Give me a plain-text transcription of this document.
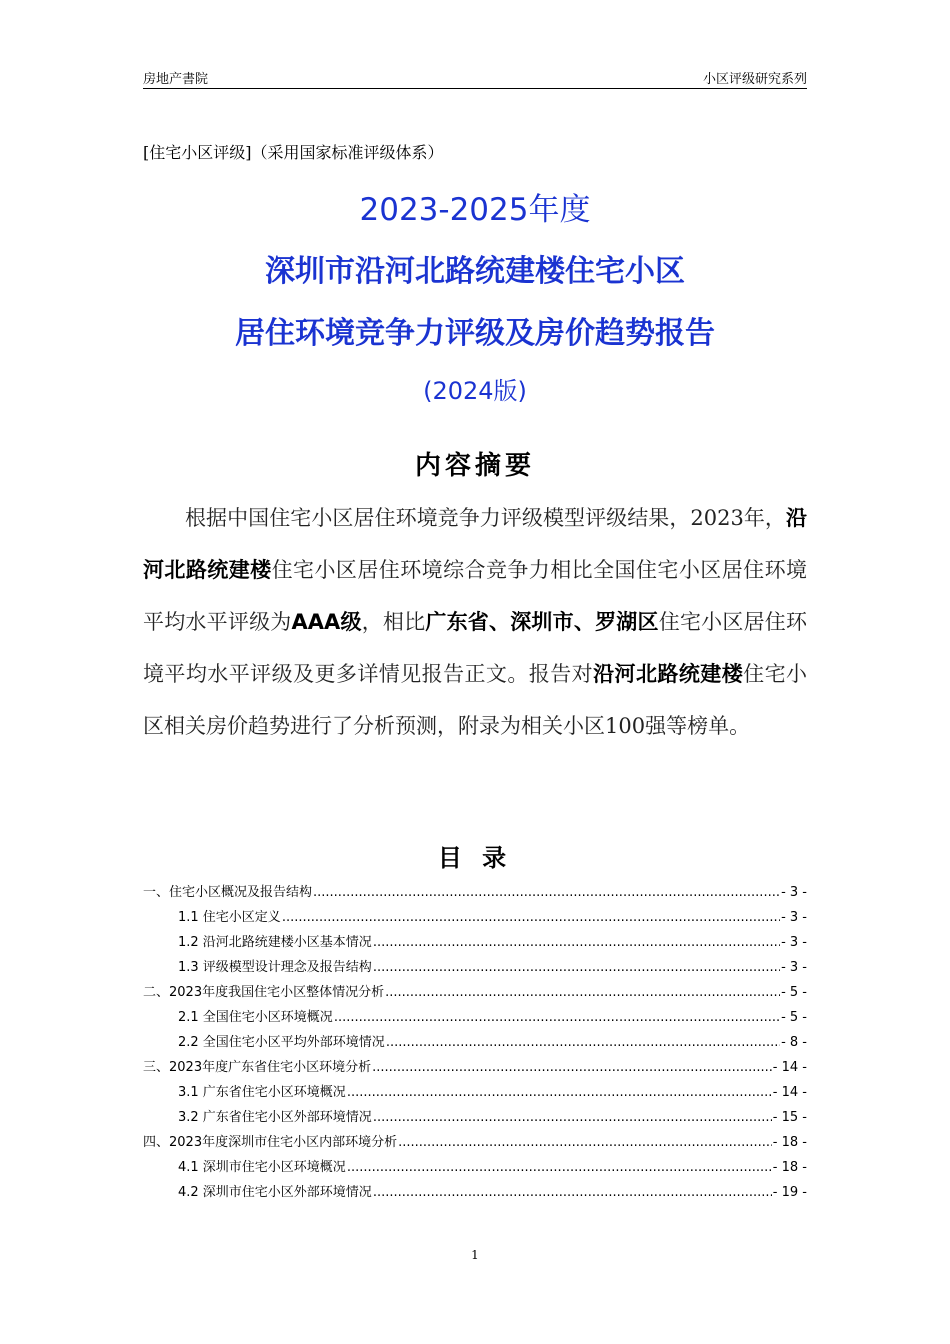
房地产書院	小区评级研究系列
[住宅小区评级]（采用国家标准评级体系）
2023-2025年度
深圳市沿河北路统建楼住宅小区
居住环境竞争力评级及房价趋势报告
(2024版)
内容摘要

根据中国住宅小区居住环境竞争力评级模型评级结果，2023年，沿河北路统建楼住宅小区居住环境综合竞争力相比全国住宅小区居住环境平均水平评级为AAA级，相比广东省、深圳市、罗湖区住宅小区居住环境平均水平评级及更多详情见报告正文。报告对沿河北路统建楼住宅小区相关房价趋势进行了分析预测，附录为相关小区100强等榜单。

目 录
一、住宅小区概况及报告结构 .....	- 3 -
1.1 住宅小区定义 .....	- 3 -
1.2 沿河北路统建楼小区基本情况 .....	- 3 -
1.3 评级模型设计理念及报告结构 .....	- 3 -
二、2023年度我国住宅小区整体情况分析 .....	- 5 -
2.1 全国住宅小区环境概况 .....	- 5 -
2.2 全国住宅小区平均外部环境情况 .....	- 8 -
三、2023年度广东省住宅小区环境分析 .....	- 14 -
3.1 广东省住宅小区环境概况 .....	- 14 -
3.2 广东省住宅小区外部环境情况 .....	- 15 -
四、2023年度深圳市住宅小区内部环境分析 .....	- 18 -
4.1 深圳市住宅小区环境概况 .....	- 18 -
4.2 深圳市住宅小区外部环境情况 .....	- 19 -
1
